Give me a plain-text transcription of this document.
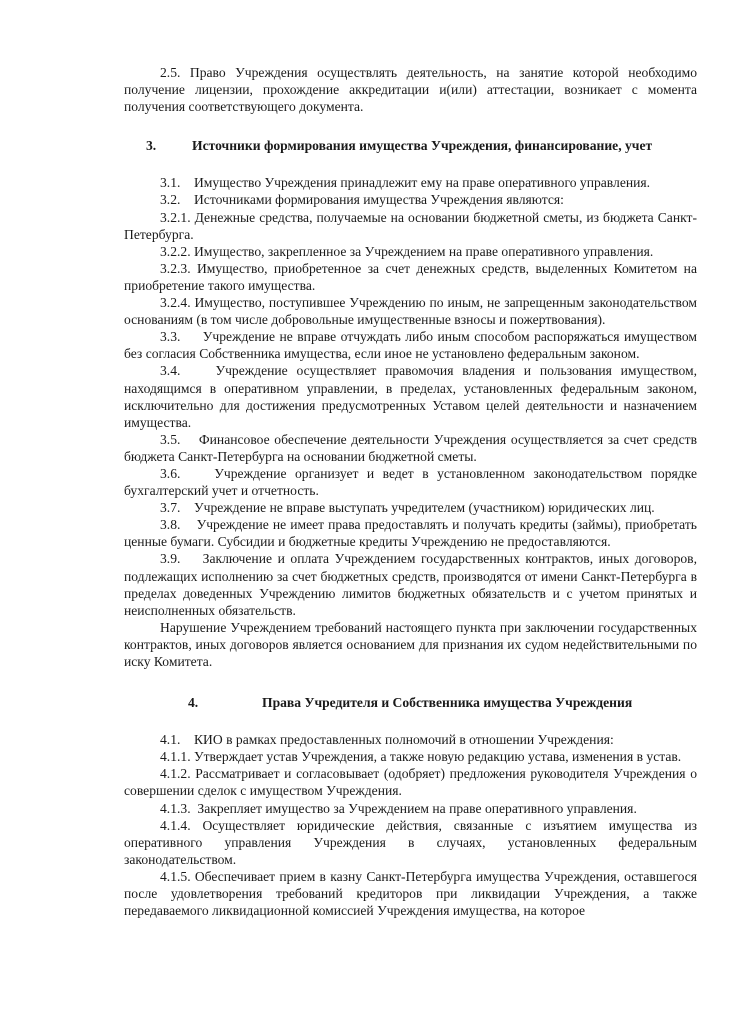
2.5. Право Учреждения осуществлять деятельность, на занятие которой необходимо получение лицензии, прохождение аккредитации и(или) аттестации, возникает с момента получения соответствующего документа.

3.	Источники формирования имущества Учреждения, финансирование, учет

3.1.    Имущество Учреждения принадлежит ему на праве оперативного управления.

3.2.    Источниками формирования имущества Учреждения являются:

3.2.1. Денежные средства, получаемые на основании бюджетной сметы, из бюджета Санкт-Петербурга.

3.2.2. Имущество, закрепленное за Учреждением на праве оперативного управления.

3.2.3. Имущество, приобретенное за счет денежных средств, выделенных Комитетом на приобретение такого имущества.

3.2.4. Имущество, поступившее Учреждению по иным, не запрещенным законодательством основаниям (в том числе добровольные имущественные взносы и пожертвования).

3.3.     Учреждение не вправе отчуждать либо иным способом распоряжаться имуществом без согласия Собственника имущества, если иное не установлено федеральным законом.

3.4.    Учреждение осуществляет правомочия владения и пользования имуществом, находящимся в оперативном управлении, в пределах, установленных федеральным законом, исключительно для достижения предусмотренных Уставом целей деятельности и назначением имущества.

3.5.    Финансовое обеспечение деятельности Учреждения осуществляется за счет средств бюджета Санкт-Петербурга на основании бюджетной сметы.

3.6.    Учреждение организует и ведет в установленном законодательством порядке бухгалтерский учет и отчетность.

3.7.    Учреждение не вправе выступать учредителем (участником) юридических лиц.

3.8.    Учреждение не имеет права предоставлять и получать кредиты (займы), приобретать ценные бумаги. Субсидии и бюджетные кредиты Учреждению не предоставляются.

3.9.    Заключение и оплата Учреждением государственных контрактов, иных договоров, подлежащих исполнению за счет бюджетных средств, производятся от имени Санкт-Петербурга в пределах доведенных Учреждению лимитов бюджетных обязательств и с учетом принятых и неисполненных обязательств.

Нарушение Учреждением требований настоящего пункта при заключении государственных контрактов, иных договоров является основанием для признания их судом недействительными по иску Комитета.

4.	Права Учредителя и Собственника имущества Учреждения

4.1.    КИО в рамках предоставленных полномочий в отношении Учреждения:

4.1.1. Утверждает устав Учреждения, а также новую редакцию устава, изменения в устав.

4.1.2. Рассматривает и согласовывает (одобряет) предложения руководителя Учреждения о совершении сделок с имуществом Учреждения.

4.1.3.  Закрепляет имущество за Учреждением на праве оперативного управления.

4.1.4. Осуществляет юридические действия, связанные с изъятием имущества из оперативного управления Учреждения в случаях, установленных федеральным законодательством.

4.1.5. Обеспечивает прием в казну Санкт-Петербурга имущества Учреждения, оставшегося после удовлетворения требований кредиторов при ликвидации Учреждения, а также передаваемого ликвидационной комиссией Учреждения имущества, на которое
